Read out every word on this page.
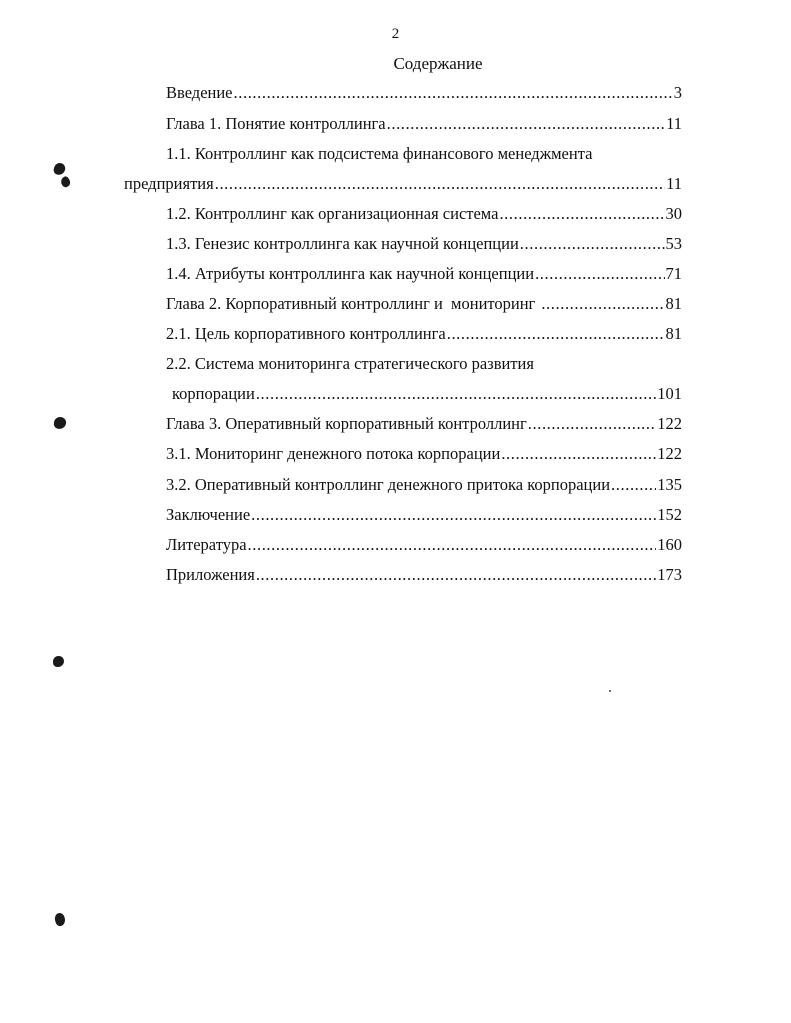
2
Содержание
Введение .....	3
Глава 1. Понятие контроллинга .....	11
1.1. Контроллинг как подсистема финансового менеджмента
предприятия .....	11
1.2. Контроллинг как организационная система .....	30
1.3. Генезис контроллинга как научной концепции .....	53
1.4. Атрибуты контроллинга как научной концепции .....	71
Глава 2. Корпоративный контроллинг и  мониторинг .....	81
2.1. Цель корпоративного контроллинга .....	81
2.2. Система мониторинга стратегического развития
корпорации .....	101
Глава 3. Оперативный корпоративный контроллинг .....	122
3.1. Мониторинг денежного потока корпорации .....	122
3.2. Оперативный контроллинг денежного притока корпорации .....	135
Заключение .....	152
Литература .....	160
Приложения .....	173
